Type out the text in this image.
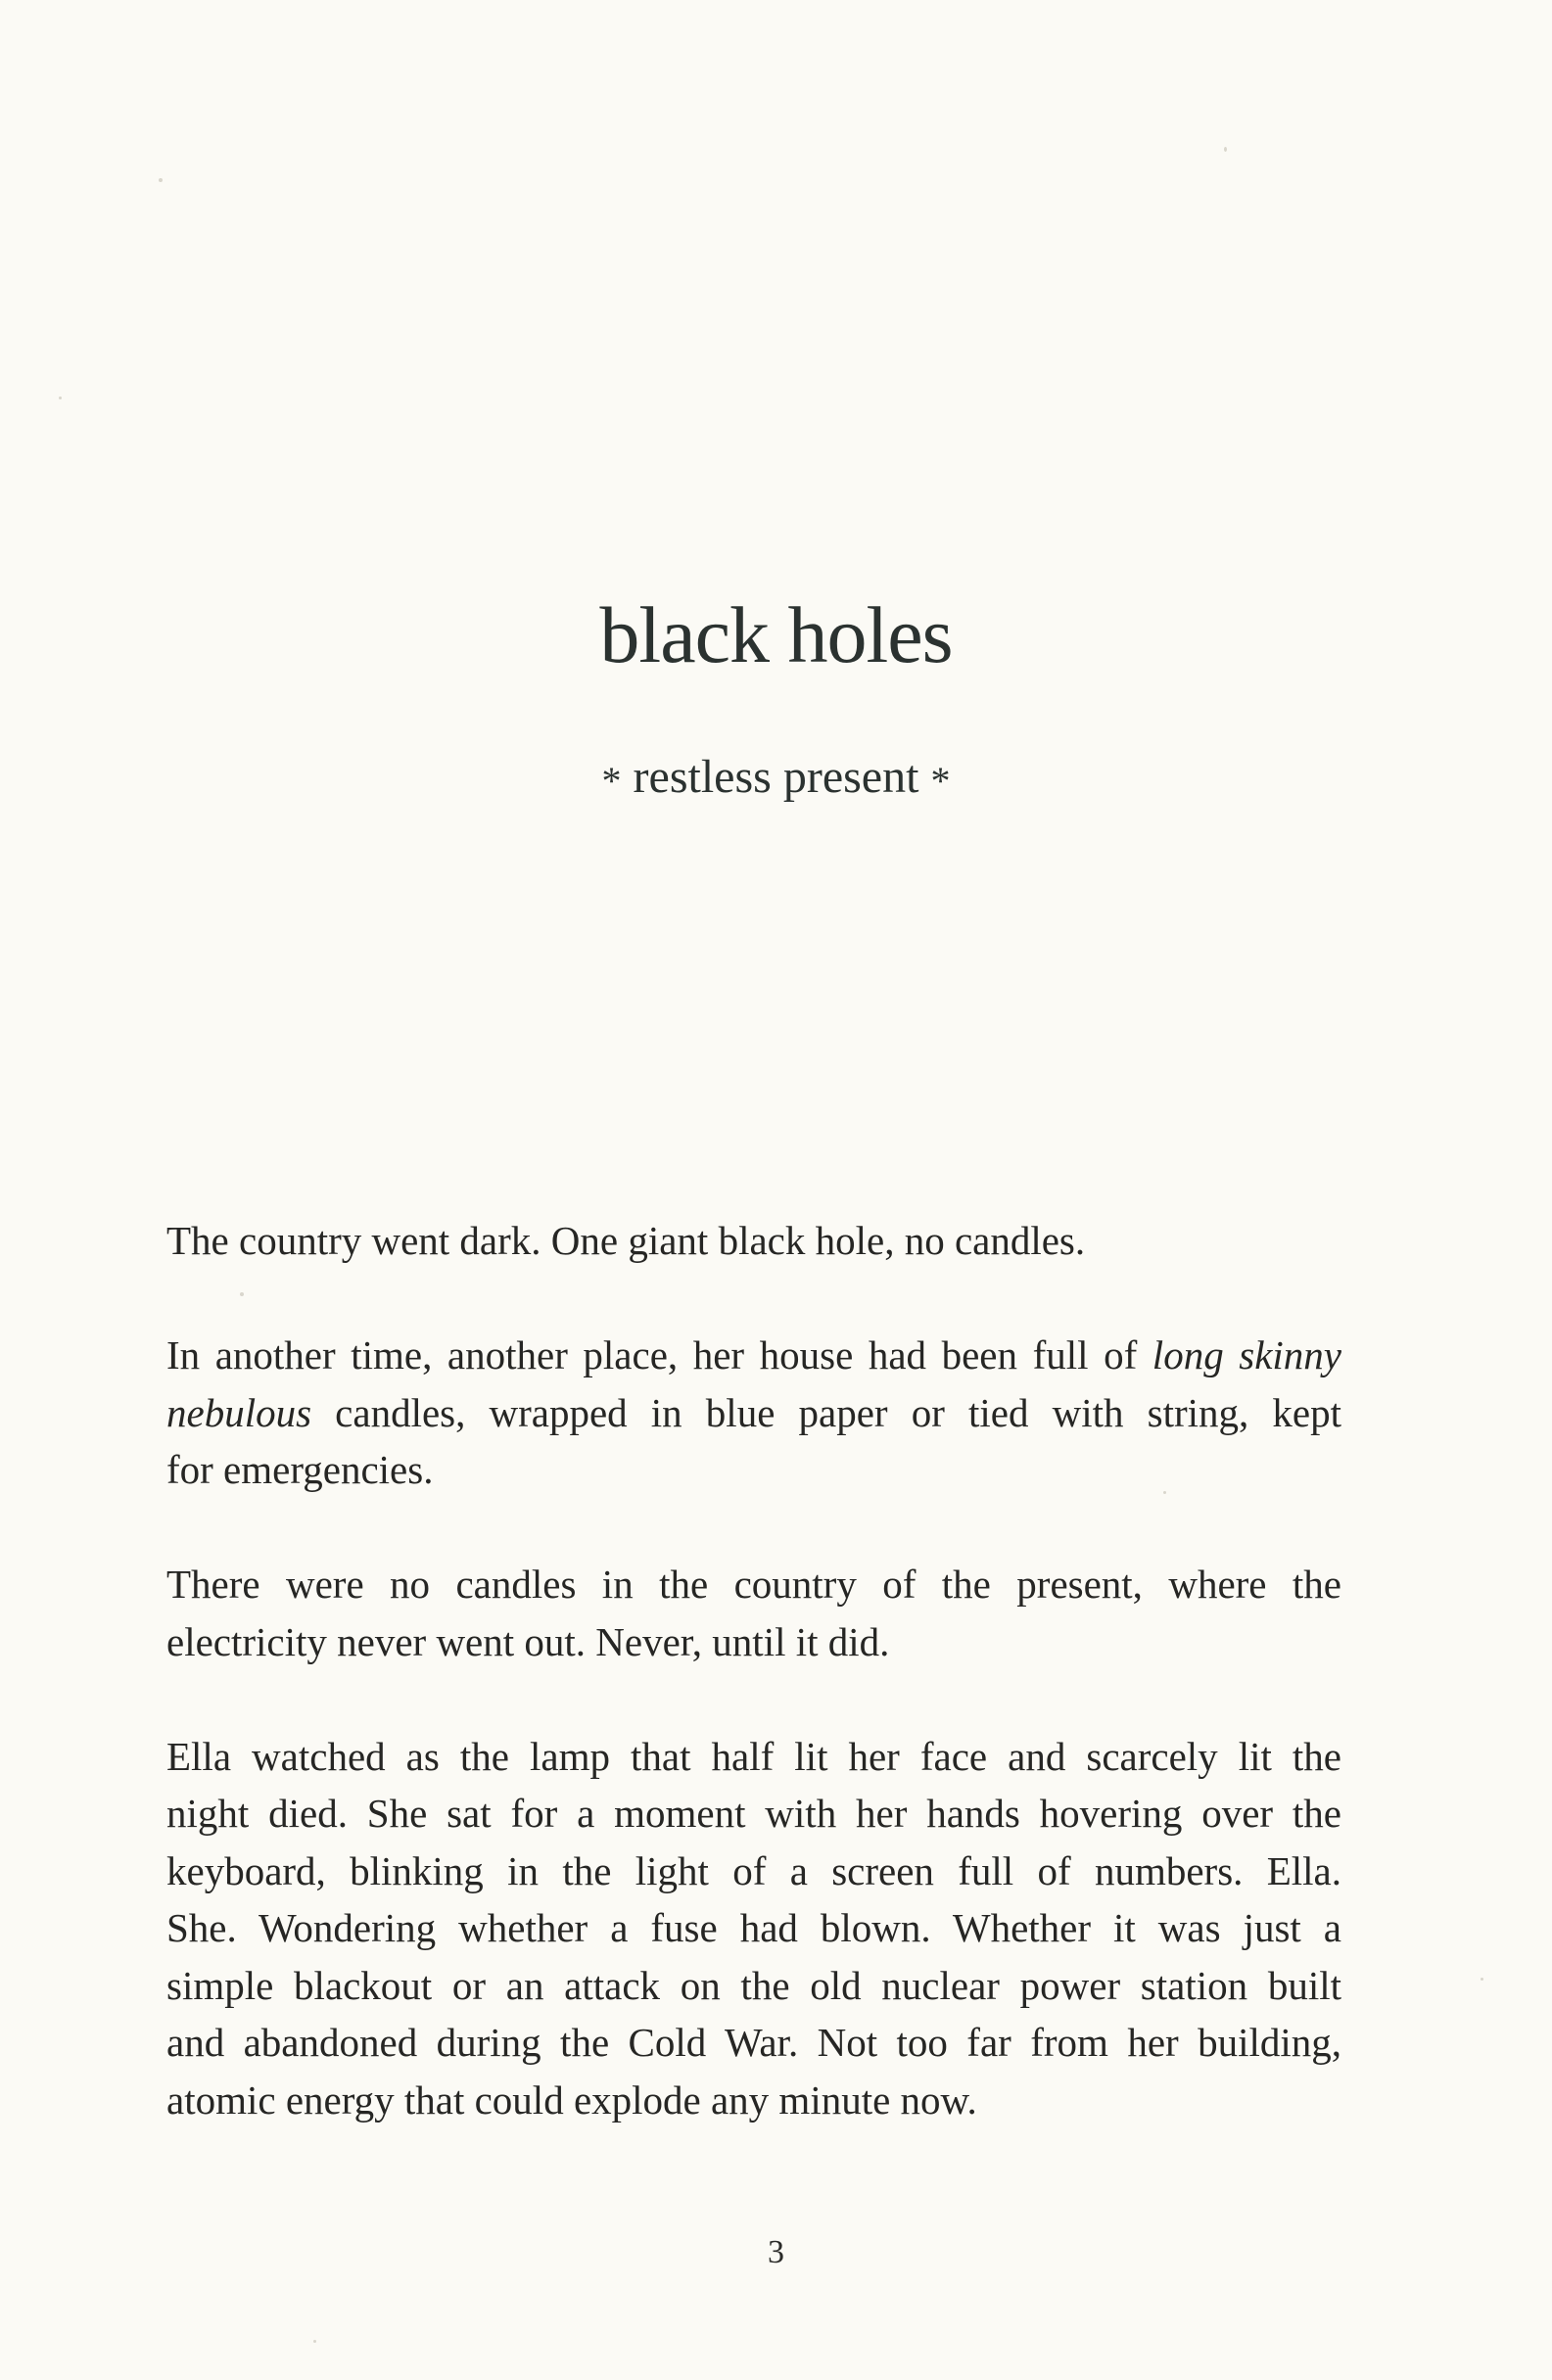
black holes
* restless present *

The country went dark. One giant black hole, no candles.

In another time, another place, her house had been full of long skinny
nebulous candles, wrapped in blue paper or tied with string, kept
for emergencies.

There were no candles in the country of the present, where the
electricity never went out. Never, until it did.

Ella watched as the lamp that half lit her face and scarcely lit the
night died. She sat for a moment with her hands hovering over the
keyboard, blinking in the light of a screen full of numbers. Ella.
She. Wondering whether a fuse had blown. Whether it was just a
simple blackout or an attack on the old nuclear power station built
and abandoned during the Cold War. Not too far from her building,
atomic energy that could explode any minute now.

3
